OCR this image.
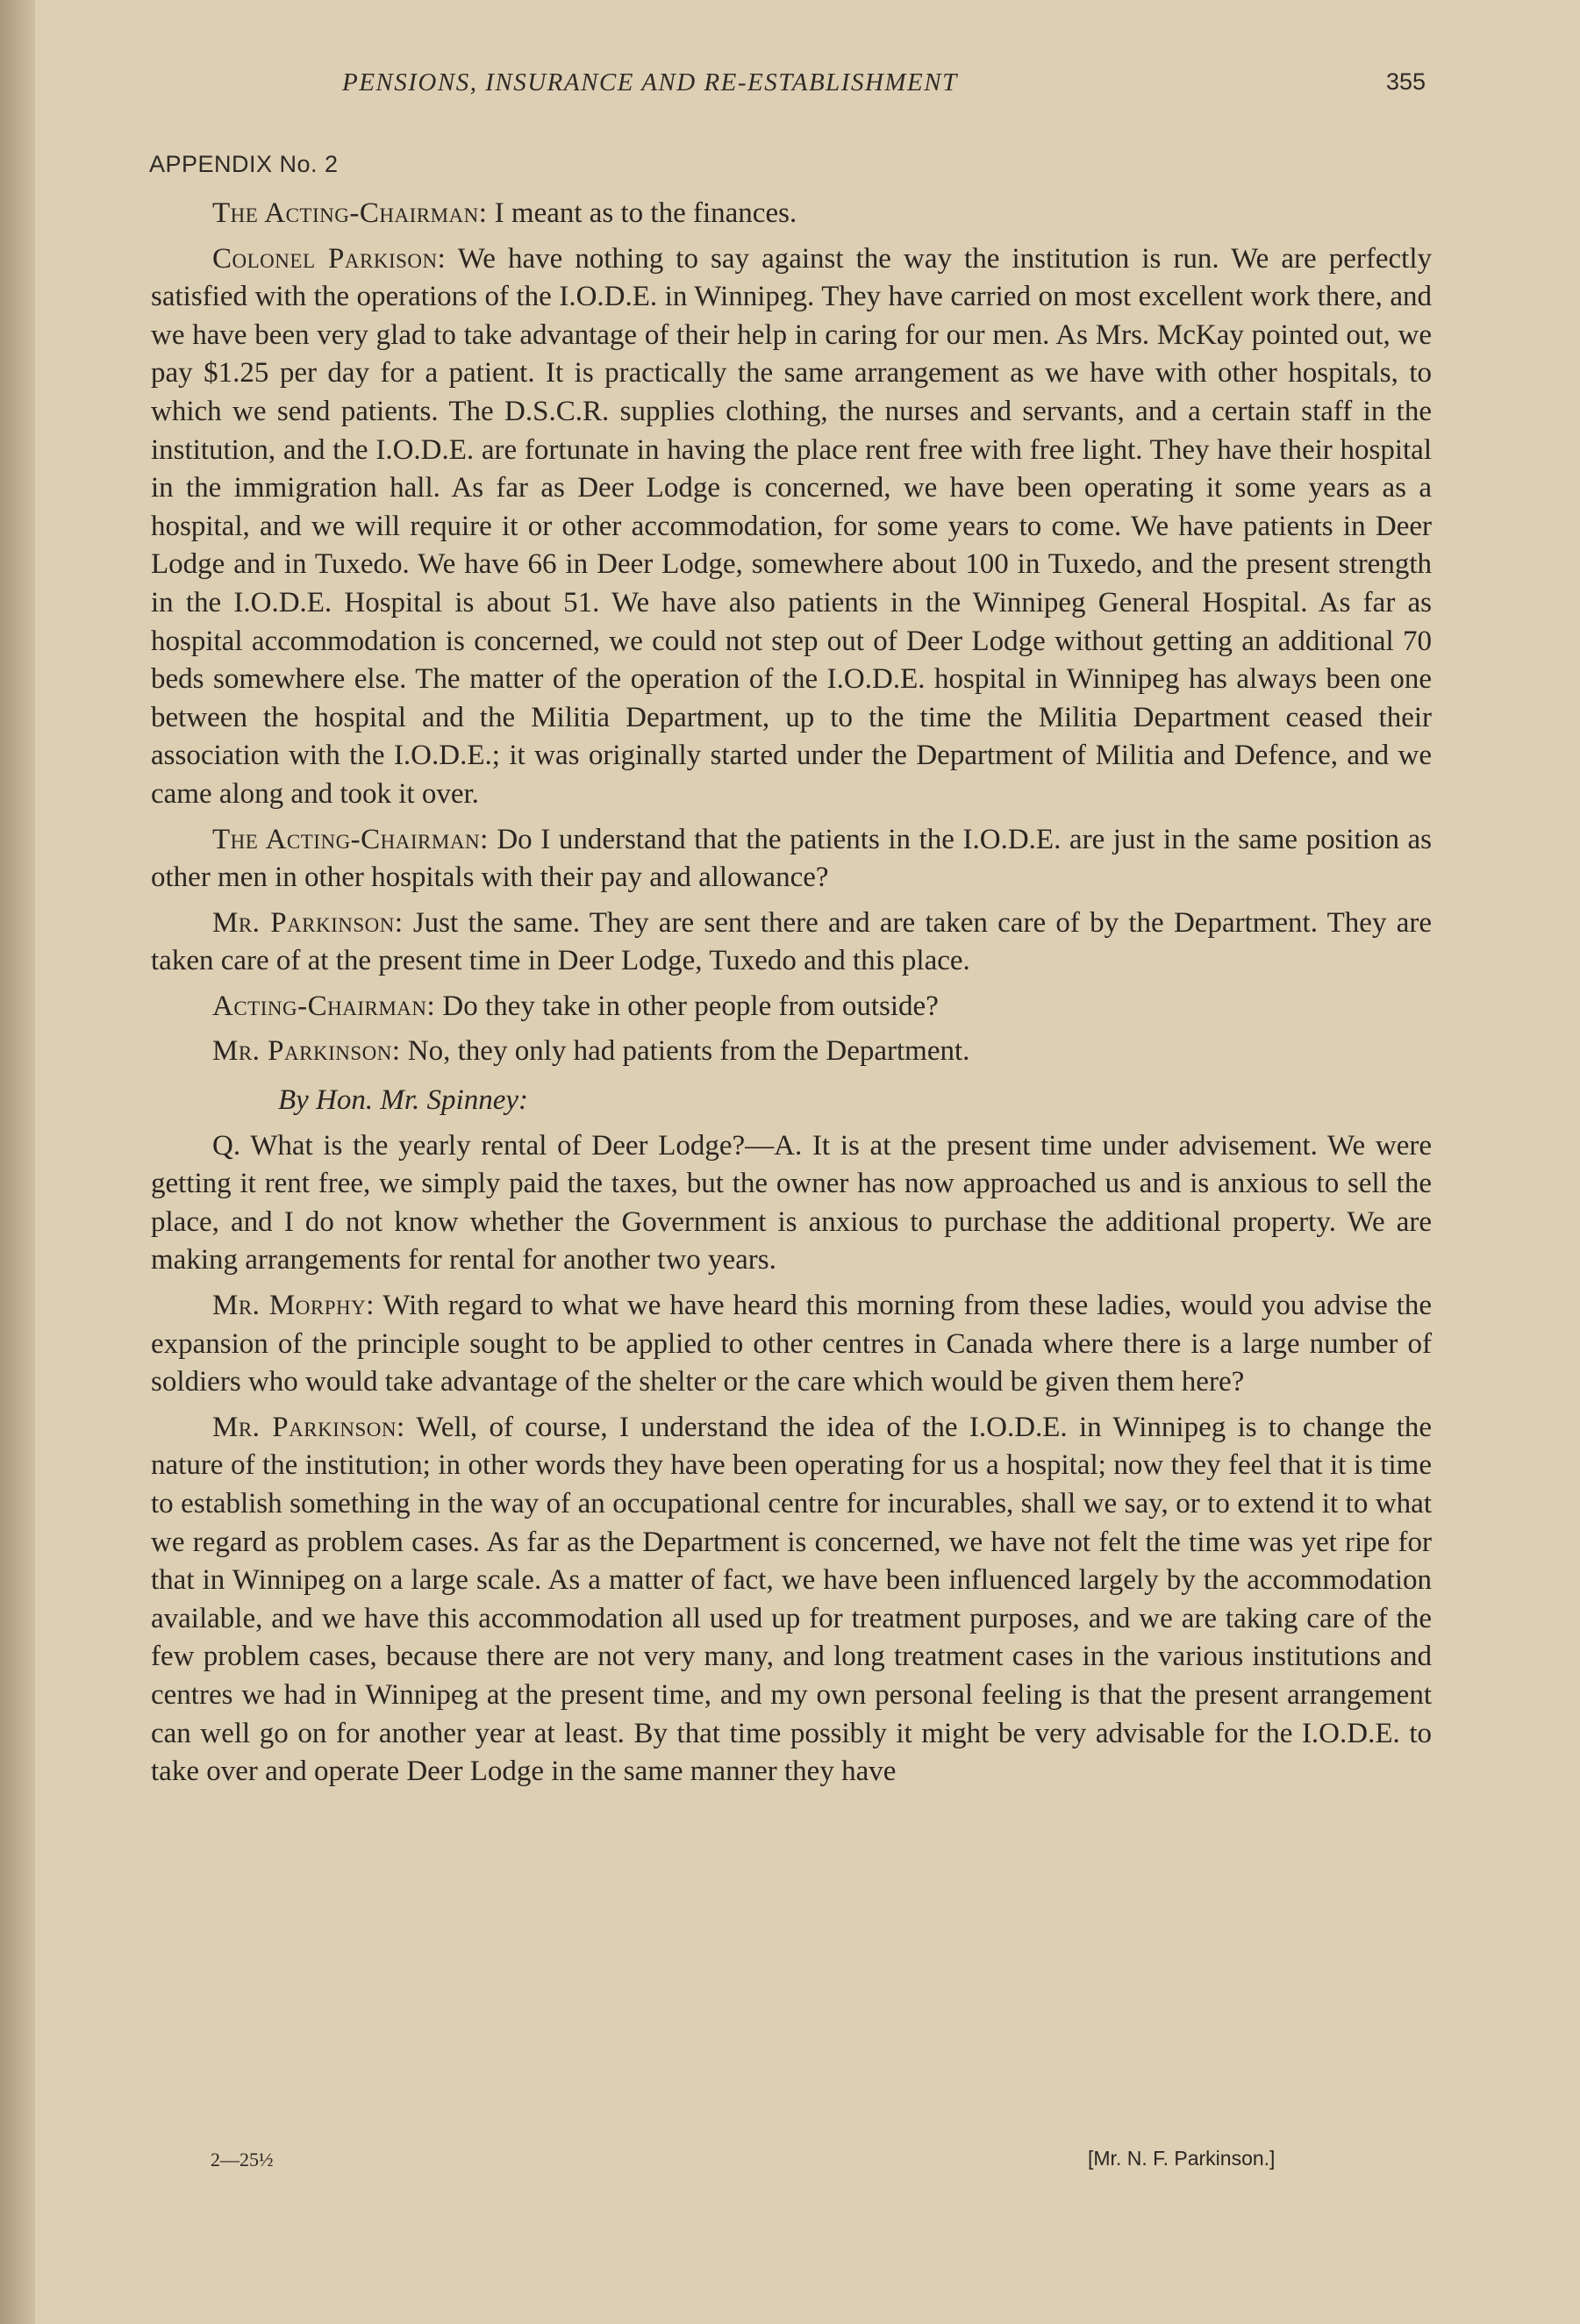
PENSIONS, INSURANCE AND RE-ESTABLISHMENT	355
APPENDIX No. 2

The Acting-Chairman: I meant as to the finances.

Colonel Parkison: We have nothing to say against the way the institution is run. We are perfectly satisfied with the operations of the I.O.D.E. in Winnipeg. They have carried on most excellent work there, and we have been very glad to take advantage of their help in caring for our men. As Mrs. McKay pointed out, we pay $1.25 per day for a patient. It is practically the same arrangement as we have with other hospitals, to which we send patients. The D.S.C.R. supplies clothing, the nurses and servants, and a certain staff in the institution, and the I.O.D.E. are fortunate in having the place rent free with free light. They have their hospital in the immigration hall. As far as Deer Lodge is concerned, we have been operating it some years as a hospital, and we will require it or other accommodation, for some years to come. We have patients in Deer Lodge and in Tuxedo. We have 66 in Deer Lodge, somewhere about 100 in Tuxedo, and the present strength in the I.O.D.E. Hospital is about 51. We have also patients in the Winnipeg General Hospital. As far as hospital accommodation is concerned, we could not step out of Deer Lodge without getting an additional 70 beds somewhere else. The matter of the operation of the I.O.D.E. hospital in Winnipeg has always been one between the hospital and the Militia Department, up to the time the Militia Department ceased their association with the I.O.D.E.; it was originally started under the Department of Militia and Defence, and we came along and took it over.

The Acting-Chairman: Do I understand that the patients in the I.O.D.E. are just in the same position as other men in other hospitals with their pay and allowance?

Mr. Parkinson: Just the same. They are sent there and are taken care of by the Department. They are taken care of at the present time in Deer Lodge, Tuxedo and this place.

Acting-Chairman: Do they take in other people from outside?

Mr. Parkinson: No, they only had patients from the Department.

By Hon. Mr. Spinney:

Q. What is the yearly rental of Deer Lodge?—A. It is at the present time under advisement. We were getting it rent free, we simply paid the taxes, but the owner has now approached us and is anxious to sell the place, and I do not know whether the Government is anxious to purchase the additional property. We are making arrangements for rental for another two years.

Mr. Morphy: With regard to what we have heard this morning from these ladies, would you advise the expansion of the principle sought to be applied to other centres in Canada where there is a large number of soldiers who would take advantage of the shelter or the care which would be given them here?

Mr. Parkinson: Well, of course, I understand the idea of the I.O.D.E. in Winnipeg is to change the nature of the institution; in other words they have been operating for us a hospital; now they feel that it is time to establish something in the way of an occupational centre for incurables, shall we say, or to extend it to what we regard as problem cases. As far as the Department is concerned, we have not felt the time was yet ripe for that in Winnipeg on a large scale. As a matter of fact, we have been influenced largely by the accommodation available, and we have this accommodation all used up for treatment purposes, and we are taking care of the few problem cases, because there are not very many, and long treatment cases in the various institutions and centres we had in Winnipeg at the present time, and my own personal feeling is that the present arrangement can well go on for another year at least. By that time possibly it might be very advisable for the I.O.D.E. to take over and operate Deer Lodge in the same manner they have

2—25½	[Mr. N. F. Parkinson.]
